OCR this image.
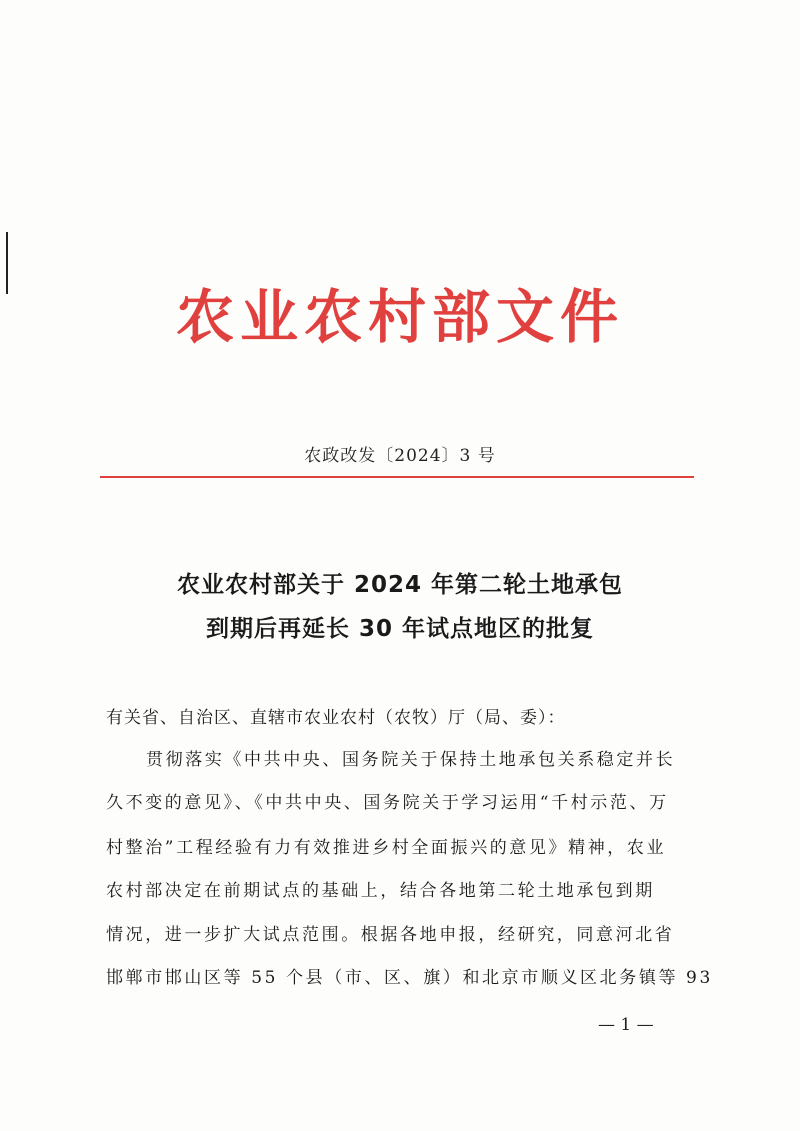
农业农村部文件
农政改发〔2024〕3 号
农业农村部关于 2024 年第二轮土地承包
到期后再延长 30 年试点地区的批复
有关省、自治区、直辖市农业农村（农牧）厅（局、委）：
贯彻落实《中共中央、国务院关于保持土地承包关系稳定并长
久不变的意见》、《中共中央、国务院关于学习运用“千村示范、万
村整治”工程经验有力有效推进乡村全面振兴的意见》精神，农业
农村部决定在前期试点的基础上，结合各地第二轮土地承包到期
情况，进一步扩大试点范围。根据各地申报，经研究，同意河北省
邯郸市邯山区等 55 个县（市、区、旗）和北京市顺义区北务镇等 93
— 1 —
